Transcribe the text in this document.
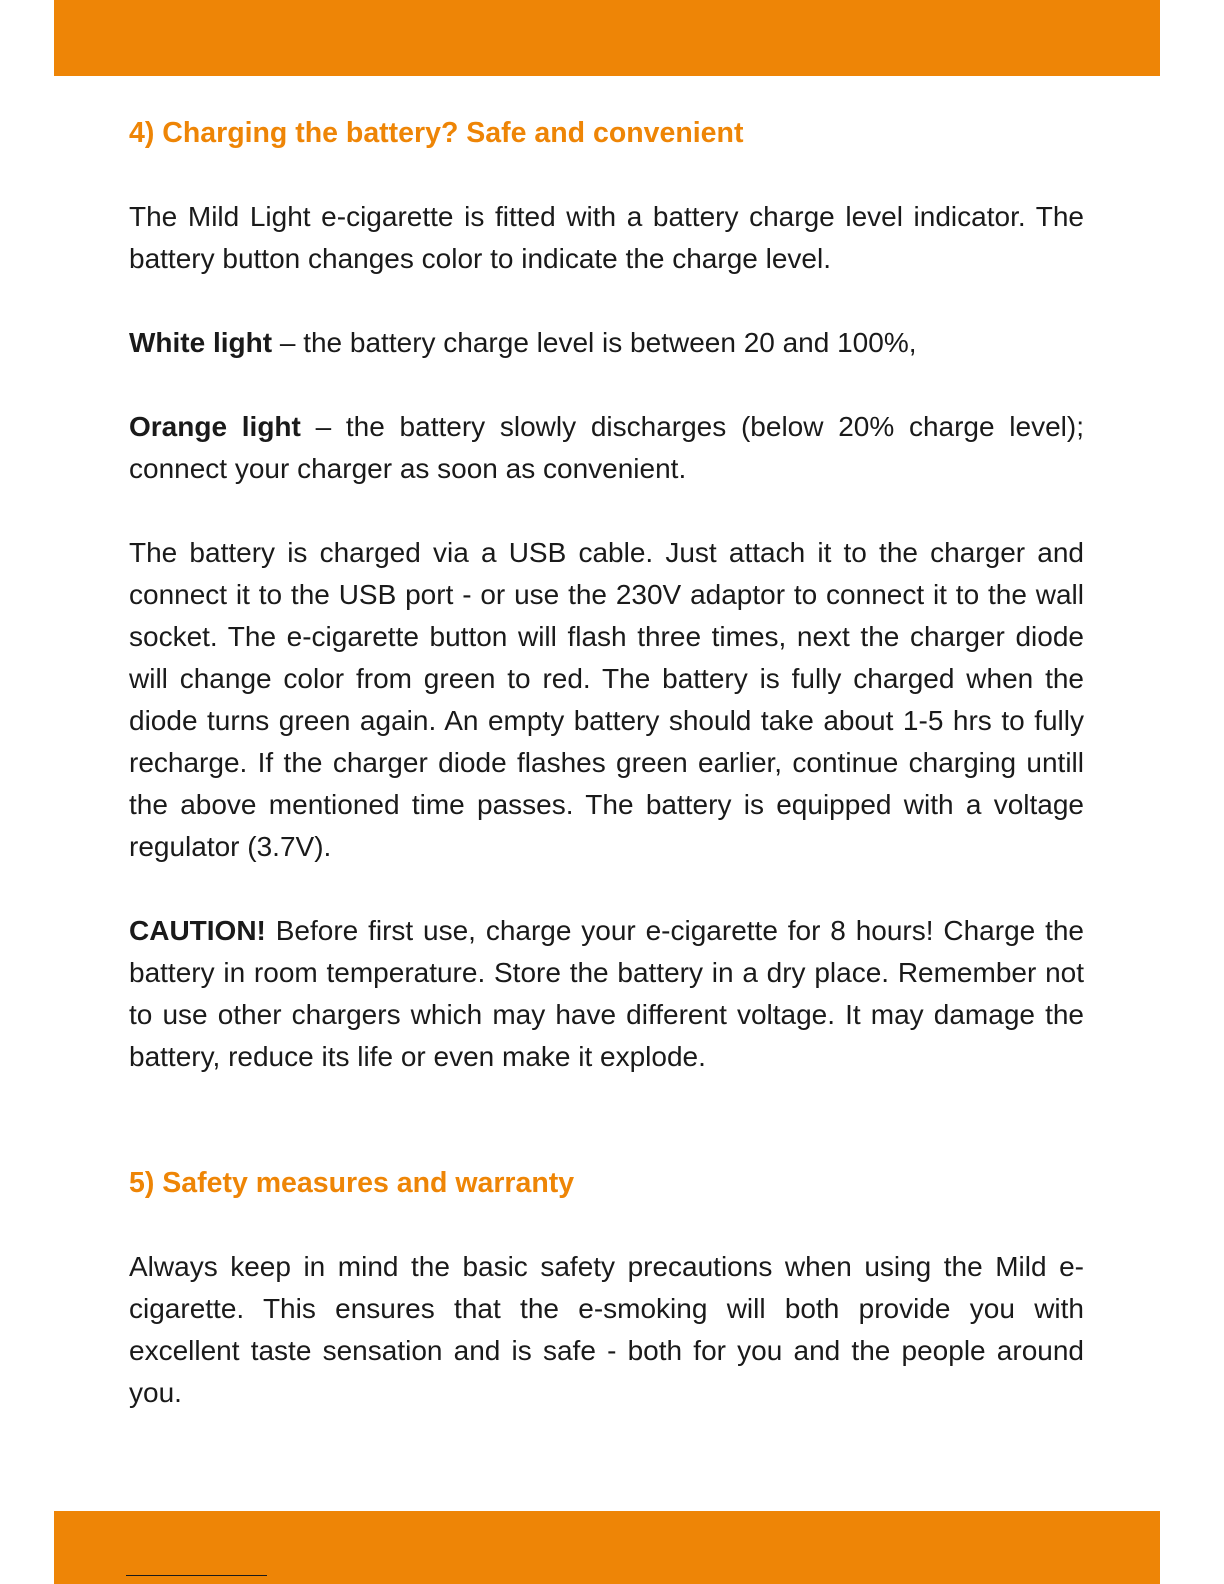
4) Charging the battery? Safe and convenient

The Mild Light e-cigarette is fitted with a battery charge level indicator. The battery button changes color to indicate the charge level.

White light – the battery charge level is between 20 and 100%,

Orange light – the battery slowly discharges (below 20% charge level); connect your charger as soon as convenient.

The battery is charged via a USB cable. Just attach it to the charger and connect it to the USB port - or use the 230V adaptor to connect it to the wall socket. The e-cigarette button will flash three times, next the charger diode will change color from green to red. The battery is fully charged when the diode turns green again. An empty battery should take about 1-5 hrs to fully recharge. If the charger diode flashes green earlier, continue charging untill the above mentioned time passes. The battery is equipped with a voltage regulator (3.7V).

CAUTION! Before first use, charge your e-cigarette for 8 hours! Charge the battery in room temperature. Store the battery in a dry place. Remember not to use other chargers which may have different voltage. It may damage the battery, reduce its life or even make it explode.

5) Safety measures and warranty

Always keep in mind the basic safety precautions when using the Mild e-cigarette. This ensures that the e-smoking will both provide you with excellent taste sensation and is safe - both for you and the people around you.
